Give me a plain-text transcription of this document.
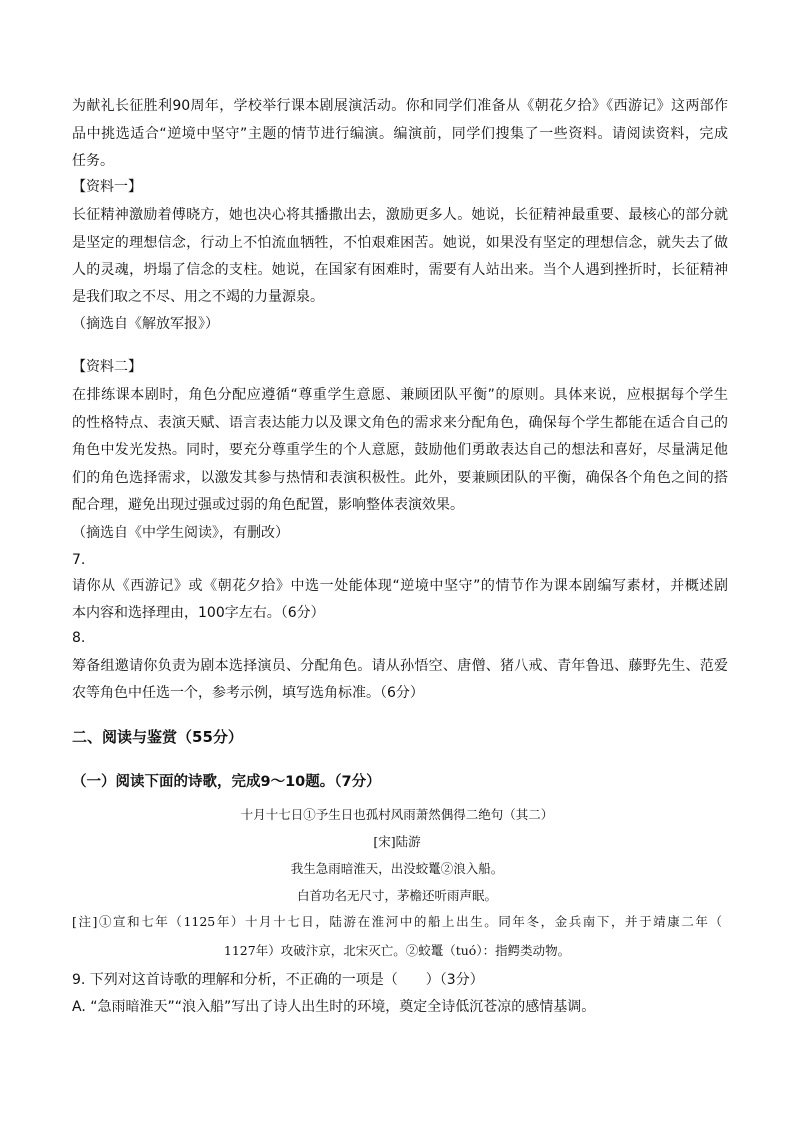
为献礼长征胜利90周年，学校举行课本剧展演活动。你和同学们准备从《朝花夕拾》《西游记》这两部作
品中挑选适合“逆境中坚守”主题的情节进行编演。编演前，同学们搜集了一些资料。请阅读资料，完成
任务。
【资料一】
长征精神激励着傅晓方，她也决心将其播撒出去，激励更多人。她说，长征精神最重要、最核心的部分就
是坚定的理想信念，行动上不怕流血牺牲，不怕艰难困苦。她说，如果没有坚定的理想信念，就失去了做
人的灵魂，坍塌了信念的支柱。她说，在国家有困难时，需要有人站出来。当个人遇到挫折时，长征精神
是我们取之不尽、用之不竭的力量源泉。
（摘选自《解放军报》）
【资料二】
在排练课本剧时，角色分配应遵循“尊重学生意愿、兼顾团队平衡”的原则。具体来说，应根据每个学生
的性格特点、表演天赋、语言表达能力以及课文角色的需求来分配角色，确保每个学生都能在适合自己的
角色中发光发热。同时，要充分尊重学生的个人意愿，鼓励他们勇敢表达自己的想法和喜好，尽量满足他
们的角色选择需求，以激发其参与热情和表演积极性。此外，要兼顾团队的平衡，确保各个角色之间的搭
配合理，避免出现过强或过弱的角色配置，影响整体表演效果。
（摘选自《中学生阅读》，有删改）
7.
请你从《西游记》或《朝花夕拾》中选一处能体现“逆境中坚守”的情节作为课本剧编写素材，并概述剧
本内容和选择理由，100字左右。（6分）
8.
筹备组邀请你负责为剧本选择演员、分配角色。请从孙悟空、唐僧、猪八戒、青年鲁迅、藤野先生、范爱
农等角色中任选一个，参考示例，填写选角标准。（6分）
二、阅读与鉴赏（55分）
（一）阅读下面的诗歌，完成9～10题。（7分）
十月十七日①予生日也孤村风雨萧然偶得二绝句（其二）
[宋]陆游
我生急雨暗淮天，出没蛟鼍②浪入船。
白首功名无尺寸，茅檐还听雨声眠。
[注]①宣和七年（1125年）十月十七日，陆游在淮河中的船上出生。同年冬，金兵南下，并于靖康二年（
1127年）攻破汴京，北宋灭亡。②蛟鼍（tuó）：指鳄类动物。
9. 下列对这首诗歌的理解和分析，不正确的一项是（　　）（3分）
A. “急雨暗淮天”“浪入船”写出了诗人出生时的环境，奠定全诗低沉苍凉的感情基调。
